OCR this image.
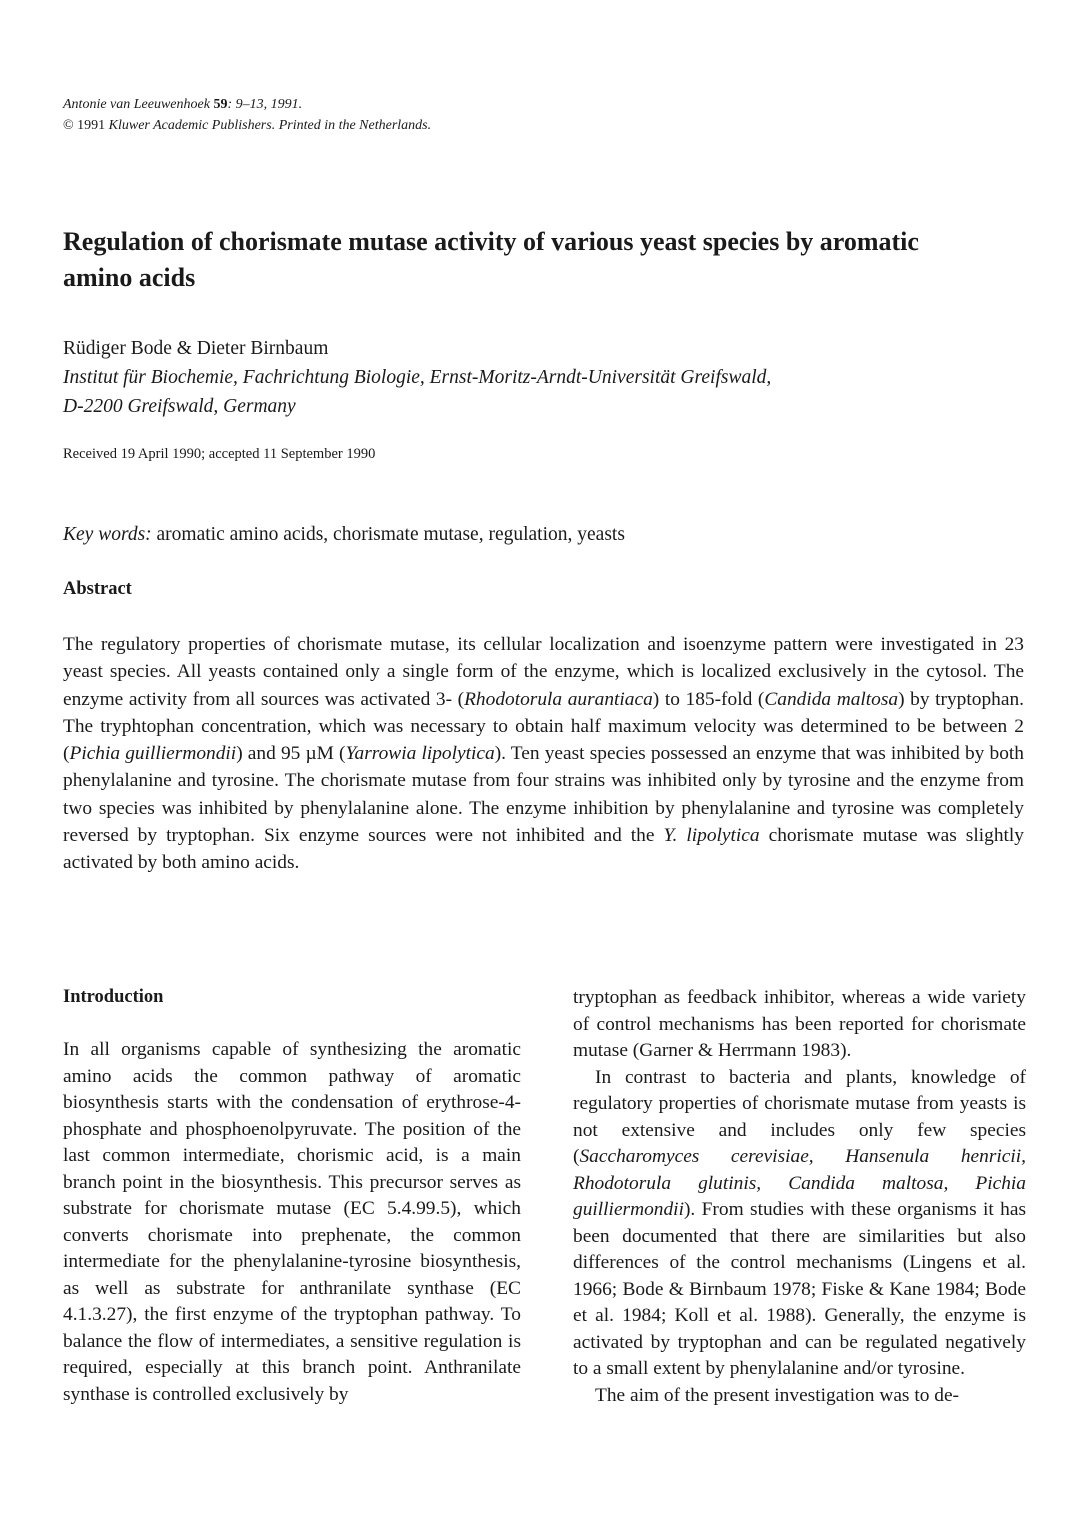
Antonie van Leeuwenhoek 59: 9–13, 1991.
© 1991 Kluwer Academic Publishers. Printed in the Netherlands.
Regulation of chorismate mutase activity of various yeast species by aromatic amino acids
Rüdiger Bode & Dieter Birnbaum
Institut für Biochemie, Fachrichtung Biologie, Ernst-Moritz-Arndt-Universität Greifswald,
D-2200 Greifswald, Germany
Received 19 April 1990; accepted 11 September 1990
Key words: aromatic amino acids, chorismate mutase, regulation, yeasts
Abstract

The regulatory properties of chorismate mutase, its cellular localization and isoenzyme pattern were investigated in 23 yeast species. All yeasts contained only a single form of the enzyme, which is localized exclusively in the cytosol. The enzyme activity from all sources was activated 3- (Rhodotorula aurantiaca) to 185-fold (Candida maltosa) by tryptophan. The tryphtophan concentration, which was necessary to obtain half maximum velocity was determined to be between 2 (Pichia guilliermondii) and 95 µM (Yarrowia lipolytica). Ten yeast species possessed an enzyme that was inhibited by both phenylalanine and tyrosine. The chorismate mutase from four strains was inhibited only by tyrosine and the enzyme from two species was inhibited by phenylalanine alone. The enzyme inhibition by phenylalanine and tyrosine was completely reversed by tryptophan. Six enzyme sources were not inhibited and the Y. lipolytica chorismate mutase was slightly activated by both amino acids.

Introduction

In all organisms capable of synthesizing the aromatic amino acids the common pathway of aromatic biosynthesis starts with the condensation of erythrose-4-phosphate and phosphoenolpyruvate. The position of the last common intermediate, chorismic acid, is a main branch point in the biosynthesis. This precursor serves as substrate for chorismate mutase (EC 5.4.99.5), which converts chorismate into prephenate, the common intermediate for the phenylalanine-tyrosine biosynthesis, as well as substrate for anthranilate synthase (EC 4.1.3.27), the first enzyme of the tryptophan pathway. To balance the flow of intermediates, a sensitive regulation is required, especially at this branch point. Anthranilate synthase is controlled exclusively by

tryptophan as feedback inhibitor, whereas a wide variety of control mechanisms has been reported for chorismate mutase (Garner & Herrmann 1983).

In contrast to bacteria and plants, knowledge of regulatory properties of chorismate mutase from yeasts is not extensive and includes only few species (Saccharomyces cerevisiae, Hansenula henricii, Rhodotorula glutinis, Candida maltosa, Pichia guilliermondii). From studies with these organisms it has been documented that there are similarities but also differences of the control mechanisms (Lingens et al. 1966; Bode & Birnbaum 1978; Fiske & Kane 1984; Bode et al. 1984; Koll et al. 1988). Generally, the enzyme is activated by tryptophan and can be regulated negatively to a small extent by phenylalanine and/or tyrosine.

The aim of the present investigation was to de-
